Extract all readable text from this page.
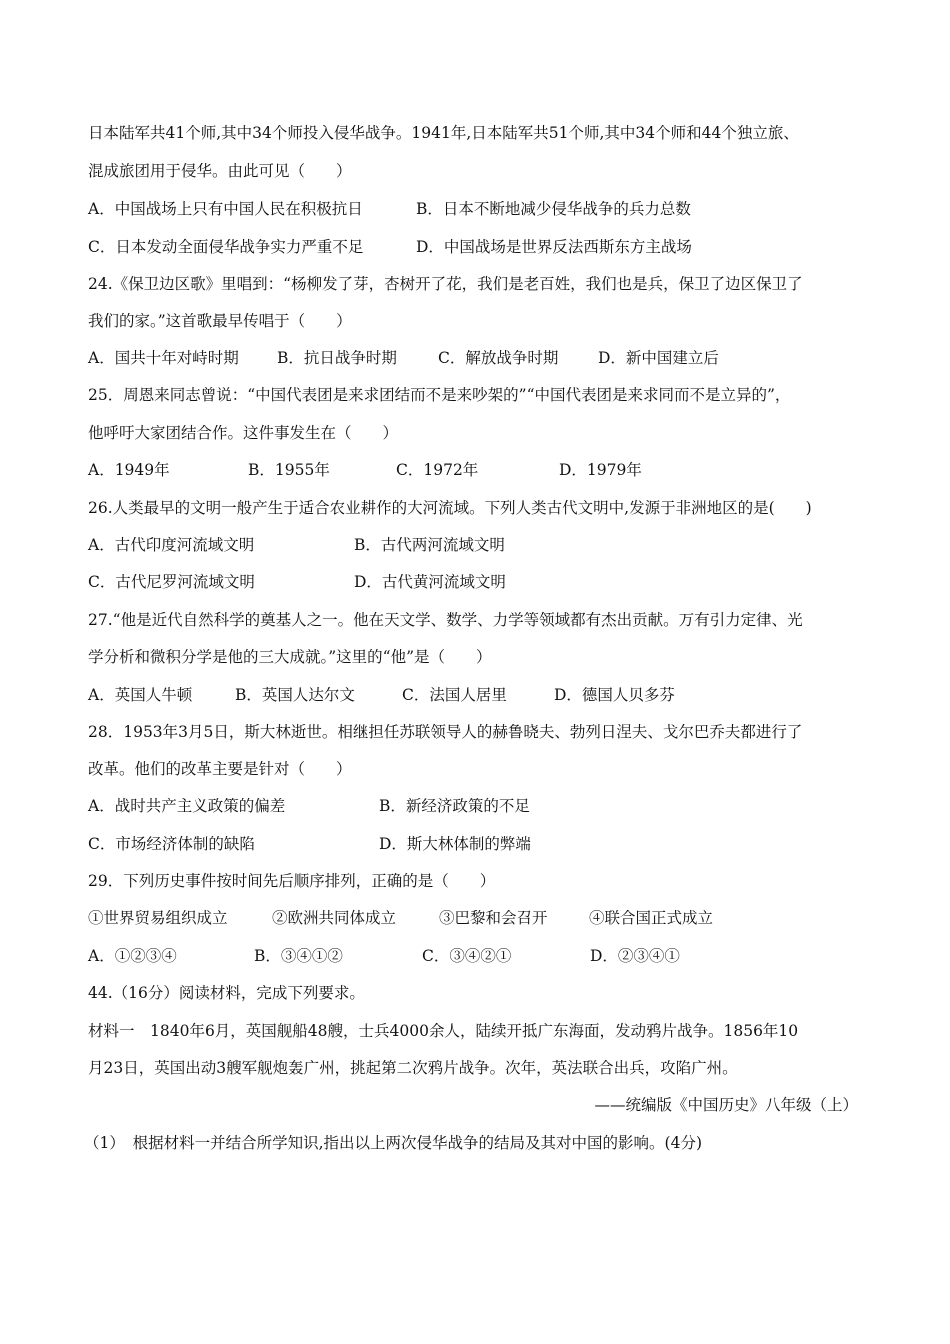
日本陆军共41个师,其中34个师投入侵华战争。1941年,日本陆军共51个师,其中34个师和44个独立旅、
混成旅团用于侵华。由此可见（　　）
A．中国战场上只有中国人民在积极抗日	B．日本不断地减少侵华战争的兵力总数
C．日本发动全面侵华战争实力严重不足	D．中国战场是世界反法西斯东方主战场
24.《保卫边区歌》里唱到：“杨柳发了芽，杏树开了花，我们是老百姓，我们也是兵，保卫了边区保卫了
我们的家。”这首歌最早传唱于（　　）
A．国共十年对峙时期	B．抗日战争时期	C．解放战争时期	D．新中国建立后
25．周恩来同志曾说：“中国代表团是来求团结而不是来吵架的”“中国代表团是来求同而不是立异的”，
他呼吁大家团结合作。这件事发生在（　　）
A．1949年	B．1955年	C．1972年	D．1979年
26.人类最早的文明一般产生于适合农业耕作的大河流域。下列人类古代文明中,发源于非洲地区的是(　　)
A．古代印度河流域文明	B．古代两河流域文明
C．古代尼罗河流域文明	D．古代黄河流域文明
27.“他是近代自然科学的奠基人之一。他在天文学、数学、力学等领域都有杰出贡献。万有引力定律、光
学分析和微积分学是他的三大成就。”这里的“他”是（　　）
A．英国人牛顿	B．英国人达尔文	C．法国人居里	D．德国人贝多芬
28．1953年3月5日，斯大林逝世。相继担任苏联领导人的赫鲁晓夫、勃列日涅夫、戈尔巴乔夫都进行了
改革。他们的改革主要是针对（　　）
A．战时共产主义政策的偏差	B．新经济政策的不足
C．市场经济体制的缺陷	D．斯大林体制的弊端
29．下列历史事件按时间先后顺序排列，正确的是（　　）
①世界贸易组织成立	②欧洲共同体成立	③巴黎和会召开	④联合国正式成立
A．①②③④	B．③④①②	C．③④②①	D．②③④①
44.（16分）阅读材料，完成下列要求。
材料一　1840年6月，英国舰船48艘，士兵4000余人，陆续开抵广东海面，发动鸦片战争。1856年10
月23日，英国出动3艘军舰炮轰广州，挑起第二次鸦片战争。次年，英法联合出兵，攻陷广州。
——统编版《中国历史》八年级（上）
（1）　根据材料一并结合所学知识,指出以上两次侵华战争的结局及其对中国的影响。(4分)
